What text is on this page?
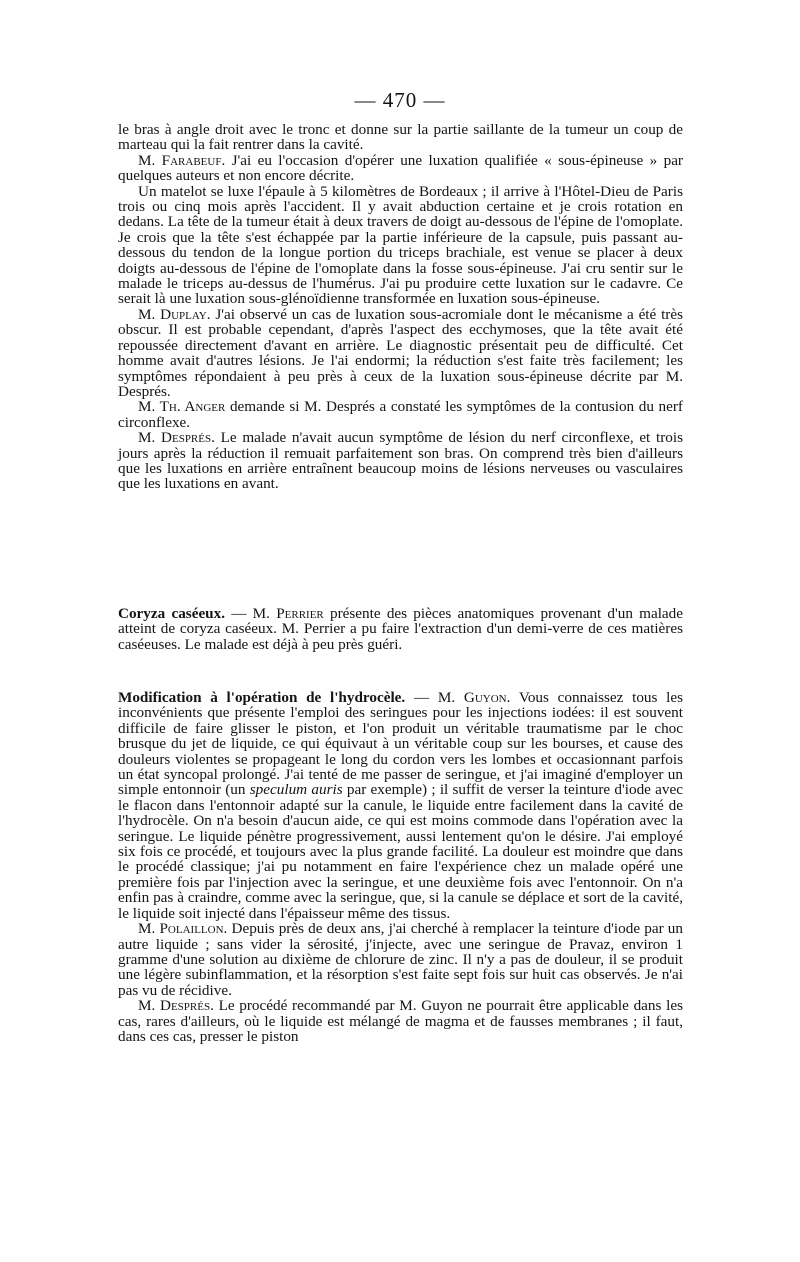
— 470 —

le bras à angle droit avec le tronc et donne sur la partie saillante de la tumeur un coup de marteau qui la fait rentrer dans la cavité.

M. Farabeuf. J'ai eu l'occasion d'opérer une luxation qualifiée « sous-épineuse » par quelques auteurs et non encore décrite.

Un matelot se luxe l'épaule à 5 kilomètres de Bordeaux ; il arrive à l'Hôtel-Dieu de Paris trois ou cinq mois après l'accident. Il y avait abduction certaine et je crois rotation en dedans. La tête de la tumeur était à deux travers de doigt au-dessous de l'épine de l'omoplate. Je crois que la tête s'est échappée par la partie inférieure de la capsule, puis passant au-dessous du tendon de la longue portion du triceps brachiale, est venue se placer à deux doigts au-dessous de l'épine de l'omoplate dans la fosse sous-épineuse. J'ai cru sentir sur le malade le triceps au-dessus de l'humérus. J'ai pu produire cette luxation sur le cadavre. Ce serait là une luxation sous-glénoïdienne transformée en luxation sous-épineuse.

M. Duplay. J'ai observé un cas de luxation sous-acromiale dont le mécanisme a été très obscur. Il est probable cependant, d'après l'aspect des ecchymoses, que la tête avait été repoussée directement d'avant en arrière. Le diagnostic présentait peu de difficulté. Cet homme avait d'autres lésions. Je l'ai endormi; la réduction s'est faite très facilement; les symptômes répondaient à peu près à ceux de la luxation sous-épineuse décrite par M. Després.

M. Th. Anger demande si M. Després a constaté les symptômes de la contusion du nerf circonflexe.

M. Després. Le malade n'avait aucun symptôme de lésion du nerf circonflexe, et trois jours après la réduction il remuait parfaitement son bras. On comprend très bien d'ailleurs que les luxations en arrière entraînent beaucoup moins de lésions nerveuses ou vasculaires que les luxations en avant.

Coryza caséeux. — M. Perrier présente des pièces anatomiques provenant d'un malade atteint de coryza caséeux. M. Perrier a pu faire l'extraction d'un demi-verre de ces matières caséeuses. Le malade est déjà à peu près guéri.

Modification à l'opération de l'hydrocèle. — M. Guyon. Vous connaissez tous les inconvénients que présente l'emploi des seringues pour les injections iodées: il est souvent difficile de faire glisser le piston, et l'on produit un véritable traumatisme par le choc brusque du jet de liquide, ce qui équivaut à un véritable coup sur les bourses, et cause des douleurs violentes se propageant le long du cordon vers les lombes et occasionnant parfois un état syncopal prolongé. J'ai tenté de me passer de seringue, et j'ai imaginé d'employer un simple entonnoir (un speculum auris par exemple) ; il suffit de verser la teinture d'iode avec le flacon dans l'entonnoir adapté sur la canule, le liquide entre facilement dans la cavité de l'hydrocèle. On n'a besoin d'aucun aide, ce qui est moins commode dans l'opération avec la seringue. Le liquide pénètre progressivement, aussi lentement qu'on le désire. J'ai employé six fois ce procédé, et toujours avec la plus grande facilité. La douleur est moindre que dans le procédé classique; j'ai pu notamment en faire l'expérience chez un malade opéré une première fois par l'injection avec la seringue, et une deuxième fois avec l'entonnoir. On n'a enfin pas à craindre, comme avec la seringue, que, si la canule se déplace et sort de la cavité, le liquide soit injecté dans l'épaisseur même des tissus.

M. Polaillon. Depuis près de deux ans, j'ai cherché à remplacer la teinture d'iode par un autre liquide ; sans vider la sérosité, j'injecte, avec une seringue de Pravaz, environ 1 gramme d'une solution au dixième de chlorure de zinc. Il n'y a pas de douleur, il se produit une légère subinflammation, et la résorption s'est faite sept fois sur huit cas observés. Je n'ai pas vu de récidive.

M. Després. Le procédé recommandé par M. Guyon ne pourrait être applicable dans les cas, rares d'ailleurs, où le liquide est mélangé de magma et de fausses membranes ; il faut, dans ces cas, presser le piston
